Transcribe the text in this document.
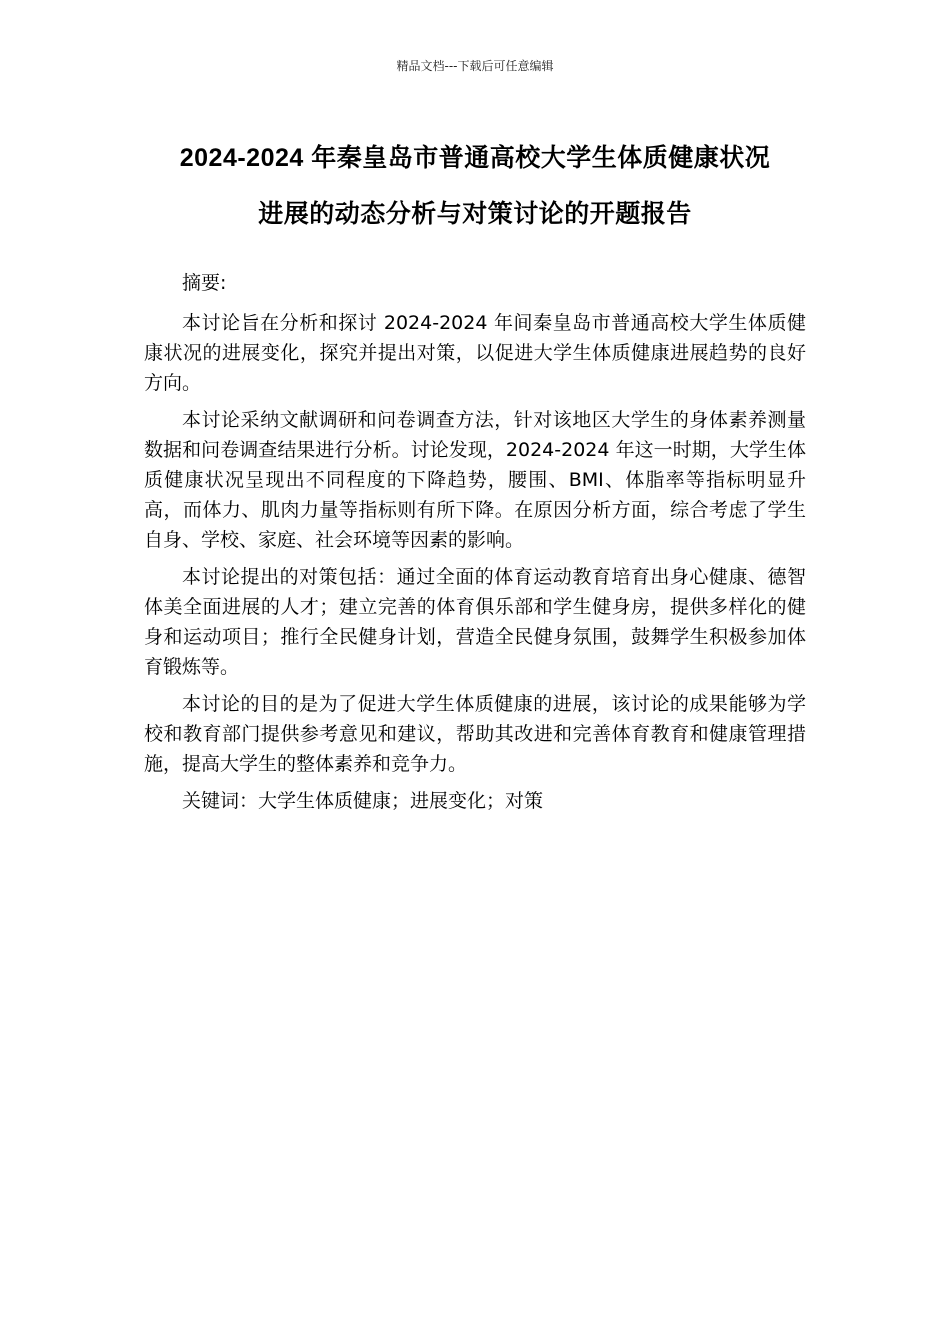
精品文档---下载后可任意编辑
2024-2024 年秦皇岛市普通高校大学生体质健康状况
进展的动态分析与对策讨论的开题报告

摘要:

本讨论旨在分析和探讨 2024-2024 年间秦皇岛市普通高校大学生体质健康状况的进展变化，探究并提出对策，以促进大学生体质健康进展趋势的良好方向。

本讨论采纳文献调研和问卷调查方法，针对该地区大学生的身体素养测量数据和问卷调查结果进行分析。讨论发现，2024-2024 年这一时期，大学生体质健康状况呈现出不同程度的下降趋势，腰围、BMI、体脂率等指标明显升高，而体力、肌肉力量等指标则有所下降。在原因分析方面，综合考虑了学生自身、学校、家庭、社会环境等因素的影响。

本讨论提出的对策包括：通过全面的体育运动教育培育出身心健康、德智体美全面进展的人才；建立完善的体育俱乐部和学生健身房，提供多样化的健身和运动项目；推行全民健身计划，营造全民健身氛围，鼓舞学生积极参加体育锻炼等。

本讨论的目的是为了促进大学生体质健康的进展，该讨论的成果能够为学校和教育部门提供参考意见和建议，帮助其改进和完善体育教育和健康管理措施，提高大学生的整体素养和竞争力。

关键词：大学生体质健康；进展变化；对策
